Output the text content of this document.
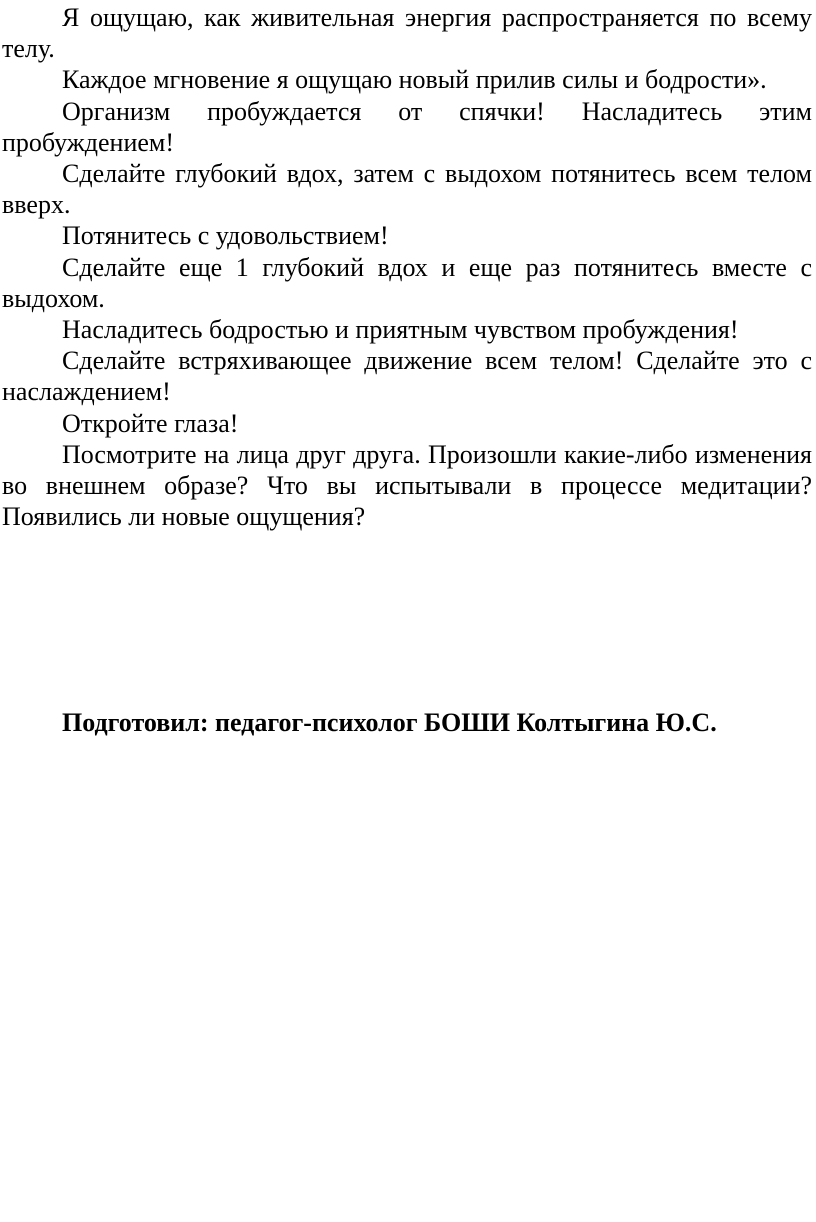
Я ощущаю, как живительная энергия распространяется по всему телу.

Каждое мгновение я ощущаю новый прилив силы и бодрости».

Организм пробуждается от спячки! Насладитесь этим пробуждением!

Сделайте глубокий вдох, затем с выдохом потянитесь всем телом вверх.

Потянитесь с удовольствием!

Сделайте еще 1 глубокий вдох и еще раз потянитесь вместе с выдохом.

Насладитесь бодростью и приятным чувством пробуждения!

Сделайте встряхивающее движение всем телом! Сделайте это с наслаждением!

Откройте глаза!

Посмотрите на лица друг друга. Произошли какие-либо изменения во внешнем образе? Что вы испытывали в процессе медитации? Появились ли новые ощущения?

Подготовил: педагог-психолог БОШИ Колтыгина Ю.С.
